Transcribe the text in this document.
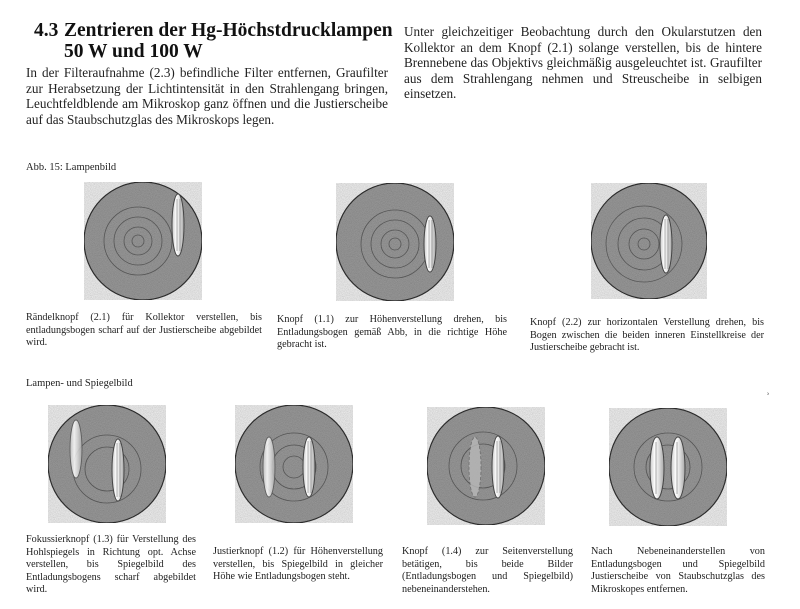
4.3 Zentrieren der Hg-Höchstdrucklampen
50 W und 100 W
In der Filteraufnahme (2.3) befindliche Filter entfernen, Graufilter zur Herabsetzung der Lichtintensität in den Strahlengang bringen, Leuchtfeldblende am Mikroskop ganz öffnen und die Justierscheibe auf das Staubschutzglas des Mikroskops legen.
Unter gleichzeitiger Beobachtung durch den Okularstutzen den Kollektor an dem Knopf (2.1) solange verstellen, bis de hintere Brennebene das Objektivs gleichmäßig ausgeleuchtet ist. Graufilter aus dem Strahlengang nehmen und Streuscheibe in selbigen einsetzen.
Abb. 15: Lampenbild
Rändelknopf (2.1) für Kollektor verstellen, bis entladungsbogen scharf auf der Justierscheibe abgebildet wird.
Knopf (1.1) zur Höhenverstellung drehen, bis Entladungsbogen gemäß Abb, in die richtige Höhe gebracht ist.
Knopf (2.2) zur horizontalen Verstellung drehen, bis Bogen zwischen die beiden inneren Einstellkreise der Justierscheibe gebracht ist.
Lampen- und Spiegelbild
ʾ
Fokussierknopf (1.3) für Verstellung des Hohlspiegels in Richtung opt. Achse verstellen, bis Spiegelbild des Entladungsbogens scharf abgebildet wird.
Justierknopf (1.2) für Höhenverstellung verstellen, bis Spiegelbild in gleicher Höhe wie Entladungsbogen steht.
Knopf (1.4) zur Seitenverstellung betätigen, bis beide Bilder (Entladungsbogen und Spiegelbild) nebeneinanderstehen.
Nach Nebeneinanderstellen von Entladungsbogen und Spiegelbild Justierscheibe von Staubschutzglas des Mikroskopes entfernen.
